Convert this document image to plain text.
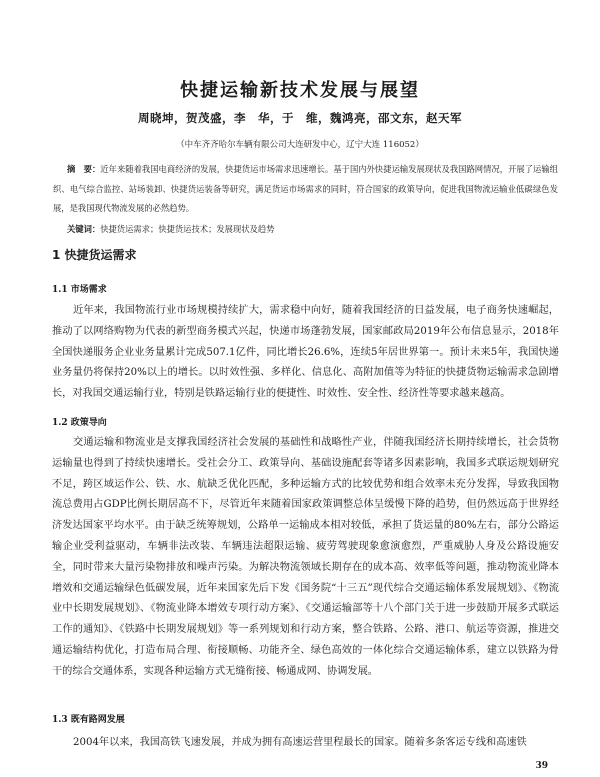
快捷运输新技术发展与展望
周晓坤，贺茂盛，李　华，于　维，魏鸿亮，邵文东，赵天军
（中车齐齐哈尔车辆有限公司大连研发中心，辽宁大连 116052）
摘　要：近年来随着我国电商经济的发展，快捷货运市场需求迅速增长。基于国内外快捷运输发展现状及我国路网情况，开展了运输组织、电气综合监控、站场装卸、快捷货运装备等研究，满足货运市场需求的同时，符合国家的政策导向，促进我国物流运输业低碳绿色发展，是我国现代物流发展的必然趋势。
关键词：快捷货运需求；快捷货运技术；发展现状及趋势
1 快捷货运需求
1.1 市场需求
近年来，我国物流行业市场规模持续扩大，需求稳中向好，随着我国经济的日益发展，电子商务快速崛起，推动了以网络购物为代表的新型商务模式兴起，快递市场蓬勃发展，国家邮政局2019年公布信息显示，2018年全国快递服务企业业务量累计完成507.1亿件，同比增长26.6%，连续5年居世界第一。预计未来5年，我国快递业务量仍将保持20%以上的增长。以时效性强、多样化、信息化、高附加值等为特征的快捷货物运输需求急剧增长，对我国交通运输行业，特别是铁路运输行业的便捷性、时效性、安全性、经济性等要求越来越高。
1.2 政策导向
交通运输和物流业是支撑我国经济社会发展的基础性和战略性产业，伴随我国经济长期持续增长，社会货物运输量也得到了持续快速增长。受社会分工、政策导向、基础设施配套等诸多因素影响，我国多式联运规划研究不足，跨区域运作公、铁、水、航缺乏优化匹配，多种运输方式的比较优势和组合效率未充分发挥，导致我国物流总费用占GDP比例长期居高不下，尽管近年来随着国家政策调整总体呈缓慢下降的趋势，但仍然远高于世界经济发达国家平均水平。由于缺乏统筹规划，公路单一运输成本相对较低，承担了货运量的80%左右，部分公路运输企业受利益驱动，车辆非法改装、车辆违法超限运输、疲劳驾驶现象愈演愈烈，严重威胁人身及公路设施安全，同时带来大量污染物排放和噪声污染。为解决物流领域长期存在的成本高、效率低等问题，推动物流业降本增效和交通运输绿色低碳发展，近年来国家先后下发《国务院“十三五”现代综合交通运输体系发展规划》、《物流业中长期发展规划》、《物流业降本增效专项行动方案》、《交通运输部等十八个部门关于进一步鼓励开展多式联运工作的通知》、《铁路中长期发展规划》等一系列规划和行动方案，整合铁路、公路、港口、航运等资源，推进交通运输结构优化，打造布局合理、衔接顺畅、功能齐全、绿色高效的一体化综合交通运输体系，建立以铁路为骨干的综合交通体系，实现各种运输方式无缝衔接、畅通成网、协调发展。
1.3 既有路网发展
2004年以来，我国高铁飞速发展，并成为拥有高速运营里程最长的国家。随着多条客运专线和高速铁
39
